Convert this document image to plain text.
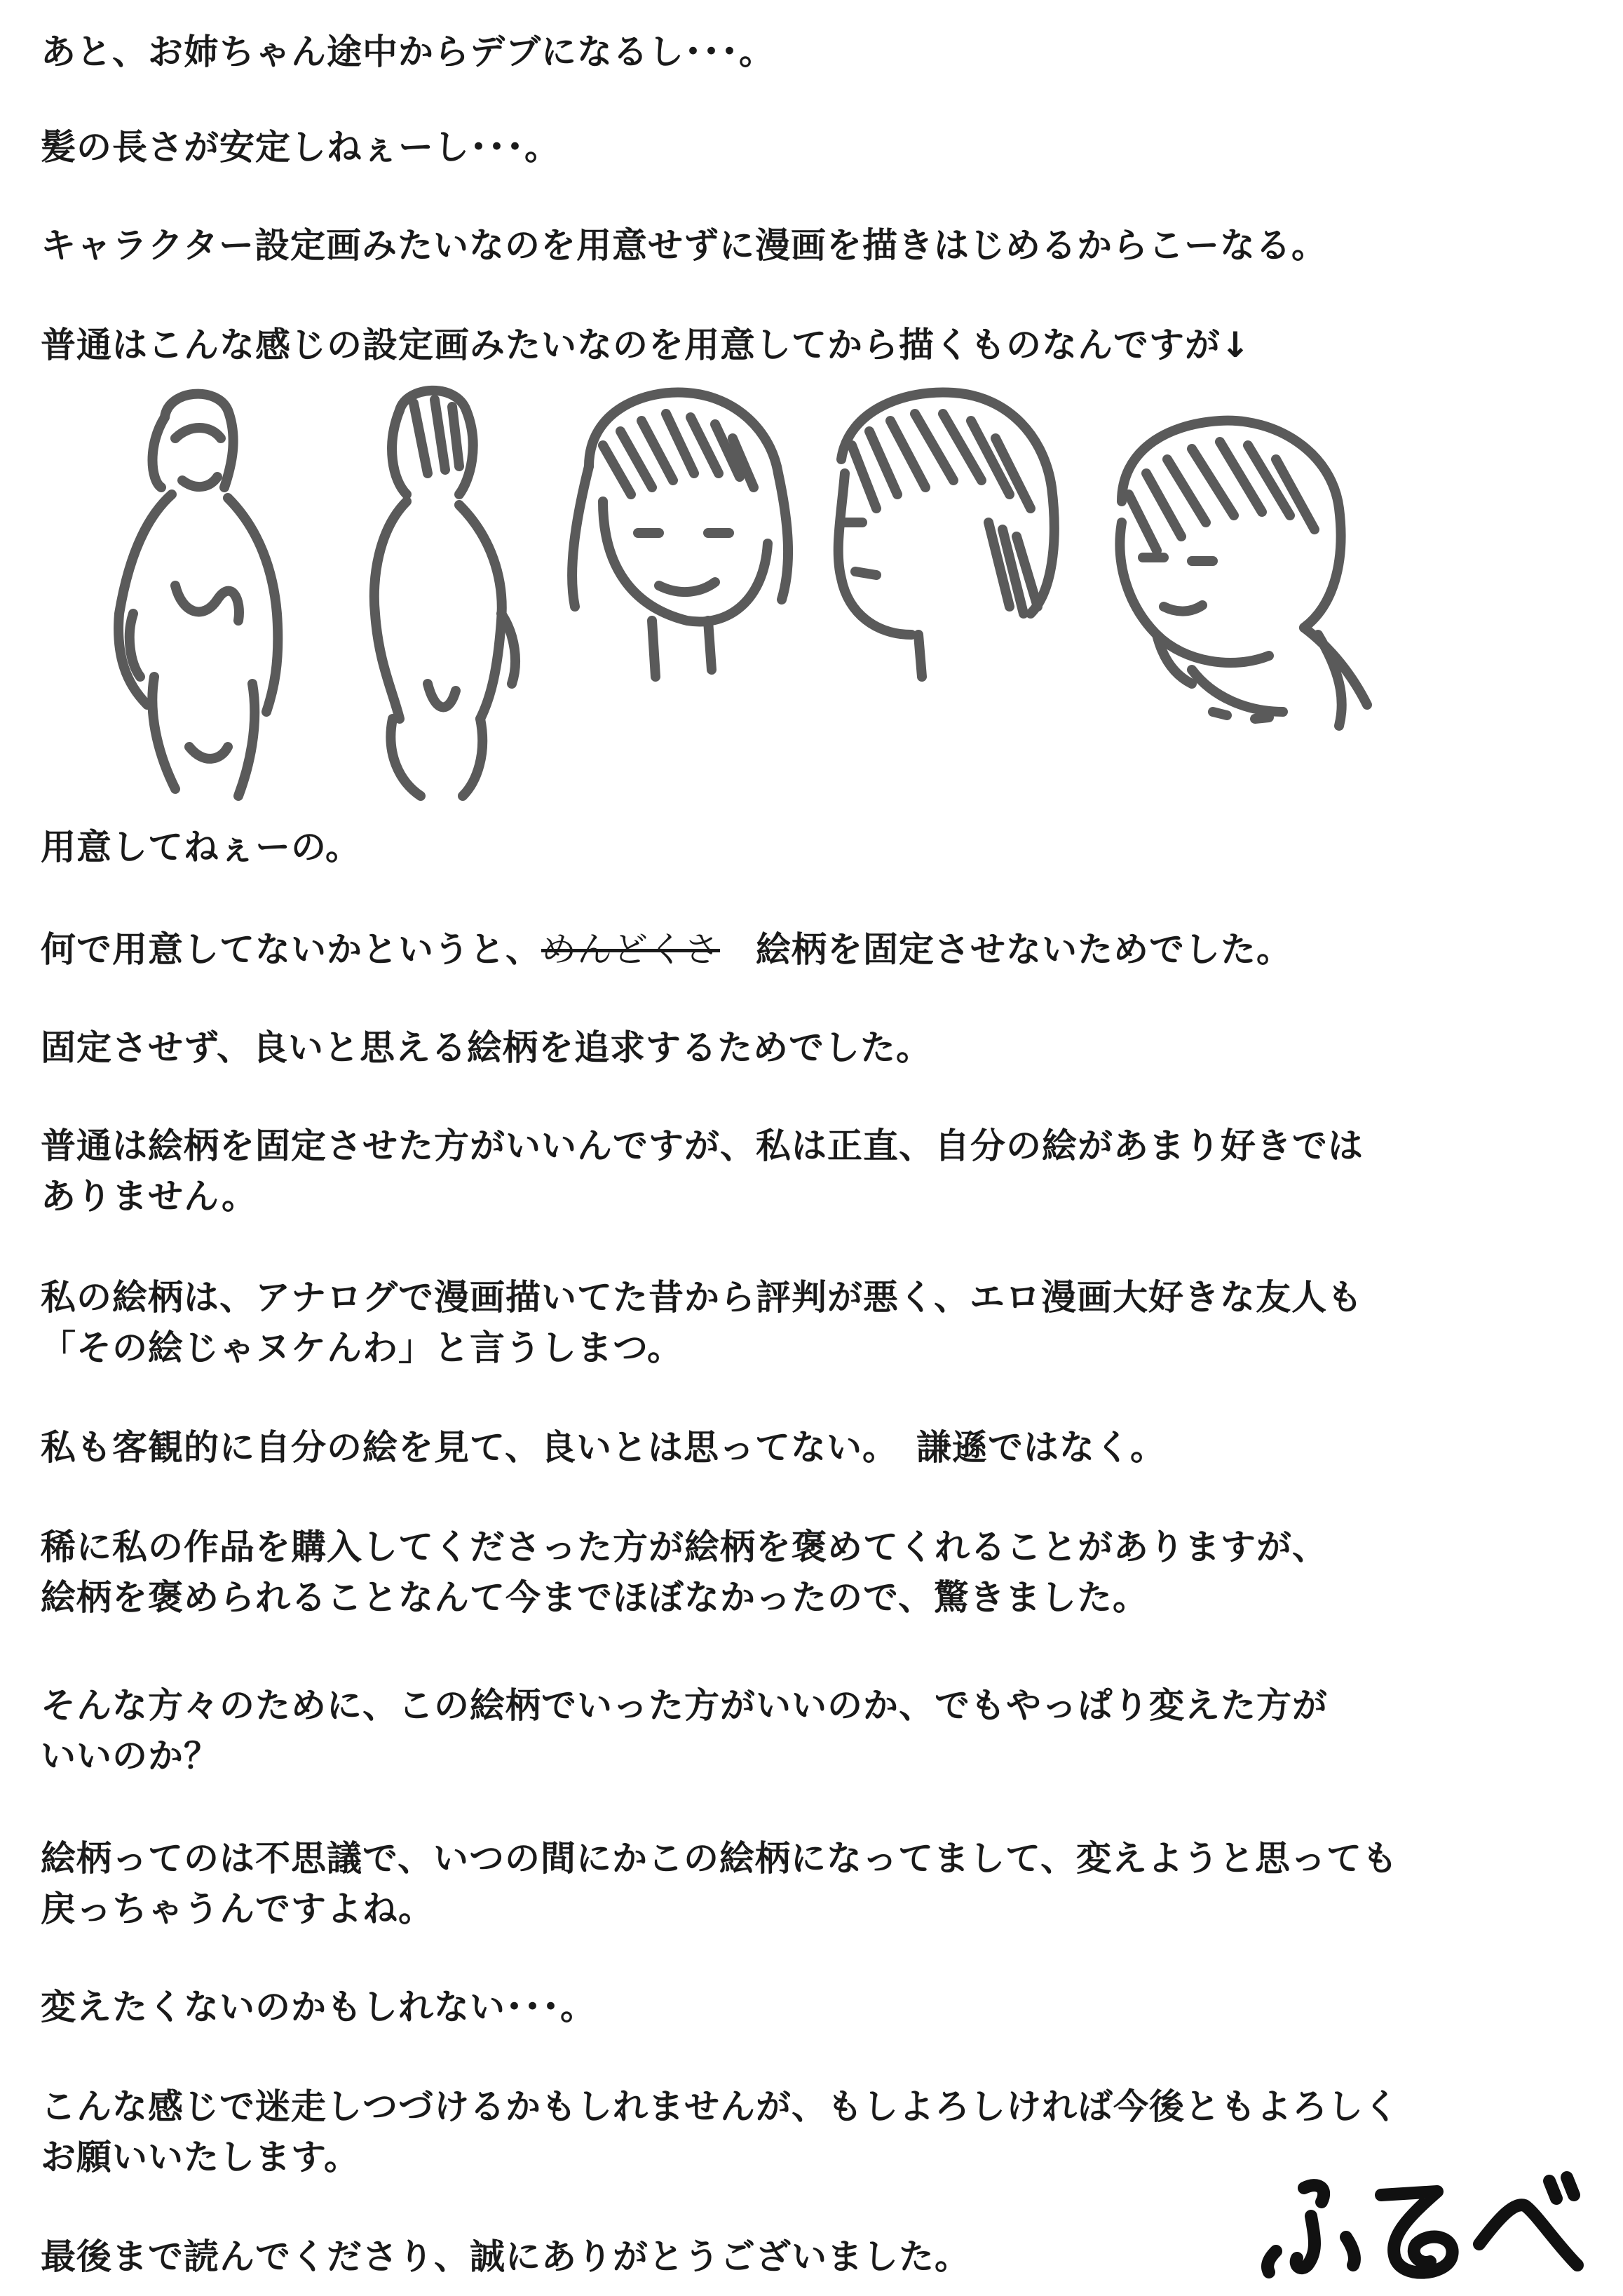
あと、お姉ちゃん途中からデブになるし･･･。
髪の長さが安定しねぇーし･･･。
キャラクター設定画みたいなのを用意せずに漫画を描きはじめるからこーなる。
普通はこんな感じの設定画みたいなのを用意してから描くものなんですが↓
用意してねぇーの。
何で用意してないかというと、めんどくさ　 絵柄を固定させないためでした。
固定させず、良いと思える絵柄を追求するためでした。
普通は絵柄を固定させた方がいいんですが、私は正直、自分の絵があまり好きでは
ありません。
私の絵柄は、アナログで漫画描いてた昔から評判が悪く、エロ漫画大好きな友人も
「その絵じゃヌケんわ」と言うしまつ。
私も客観的に自分の絵を見て、良いとは思ってない。　謙遜ではなく。
稀に私の作品を購入してくださった方が絵柄を褒めてくれることがありますが、
絵柄を褒められることなんて今までほぼなかったので、驚きました。
そんな方々のために、この絵柄でいった方がいいのか、でもやっぱり変えた方が
いいのか？
絵柄ってのは不思議で、いつの間にかこの絵柄になってまして、変えようと思っても
戻っちゃうんですよね。
変えたくないのかもしれない･･･。
こんな感じで迷走しつづけるかもしれませんが、もしよろしければ今後ともよろしく
お願いいたします。
最後まで読んでくださり、誠にありがとうございました。
